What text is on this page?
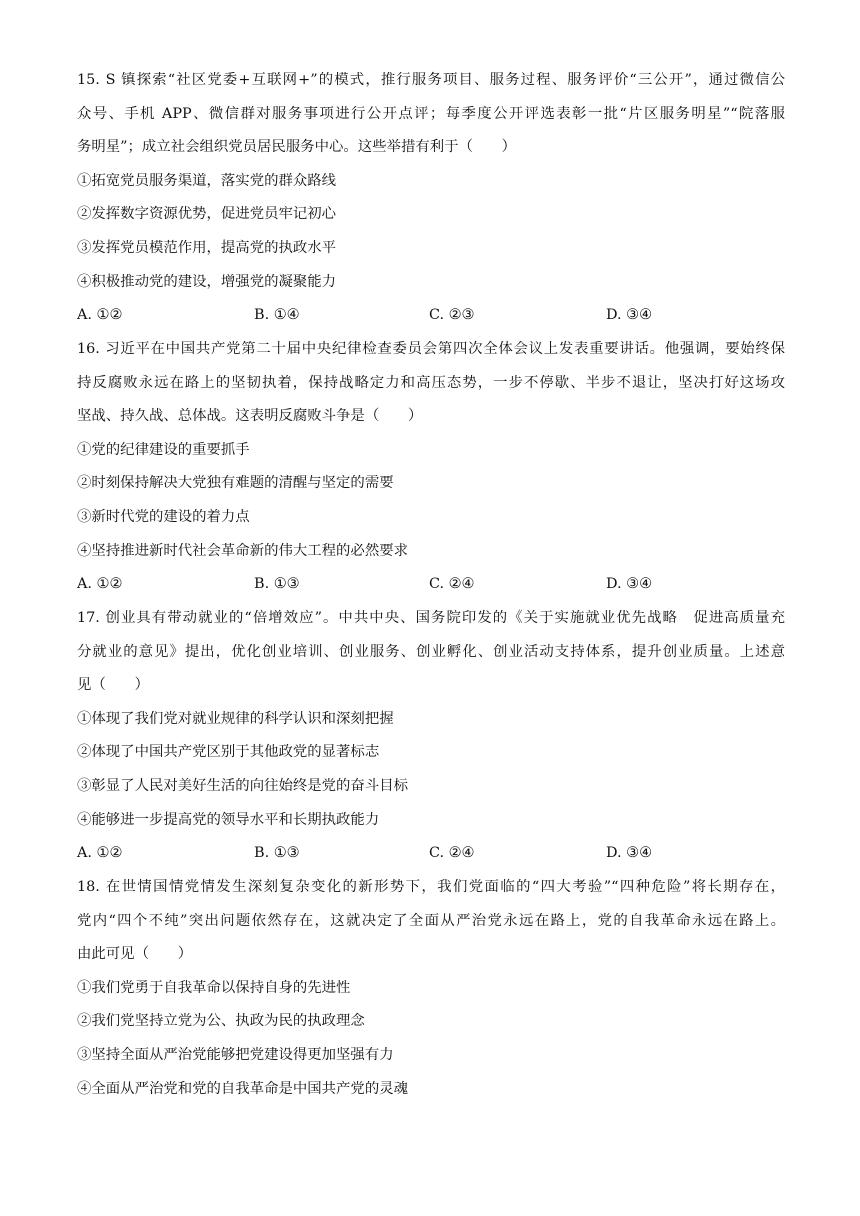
15. S 镇探索“社区党委+互联网+”的模式，推行服务项目、服务过程、服务评价“三公开”，通过微信公
众号、手机 APP、微信群对服务事项进行公开点评；每季度公开评选表彰一批“片区服务明星”“院落服
务明星”；成立社会组织党员居民服务中心。这些举措有利于（　　）
①拓宽党员服务渠道，落实党的群众路线
②发挥数字资源优势，促进党员牢记初心
③发挥党员模范作用，提高党的执政水平
④积极推动党的建设，增强党的凝聚能力
A. ①②	B. ①④	C. ②③	D. ③④
16. 习近平在中国共产党第二十届中央纪律检查委员会第四次全体会议上发表重要讲话。他强调，要始终保
持反腐败永远在路上的坚韧执着，保持战略定力和高压态势，一步不停歇、半步不退让，坚决打好这场攻
坚战、持久战、总体战。这表明反腐败斗争是（　　）
①党的纪律建设的重要抓手
②时刻保持解决大党独有难题的清醒与坚定的需要
③新时代党的建设的着力点
④坚持推进新时代社会革命新的伟大工程的必然要求
A. ①②	B. ①③	C. ②④	D. ③④
17. 创业具有带动就业的“倍增效应”。中共中央、国务院印发的《关于实施就业优先战略　促进高质量充
分就业的意见》提出，优化创业培训、创业服务、创业孵化、创业活动支持体系，提升创业质量。上述意
见（　　）
①体现了我们党对就业规律的科学认识和深刻把握
②体现了中国共产党区别于其他政党的显著标志
③彰显了人民对美好生活的向往始终是党的奋斗目标
④能够进一步提高党的领导水平和长期执政能力
A. ①②	B. ①③	C. ②④	D. ③④
18. 在世情国情党情发生深刻复杂变化的新形势下，我们党面临的“四大考验”“四种危险”将长期存在，
党内“四个不纯”突出问题依然存在，这就决定了全面从严治党永远在路上，党的自我革命永远在路上。
由此可见（　　）
①我们党勇于自我革命以保持自身的先进性
②我们党坚持立党为公、执政为民的执政理念
③坚持全面从严治党能够把党建设得更加坚强有力
④全面从严治党和党的自我革命是中国共产党的灵魂
